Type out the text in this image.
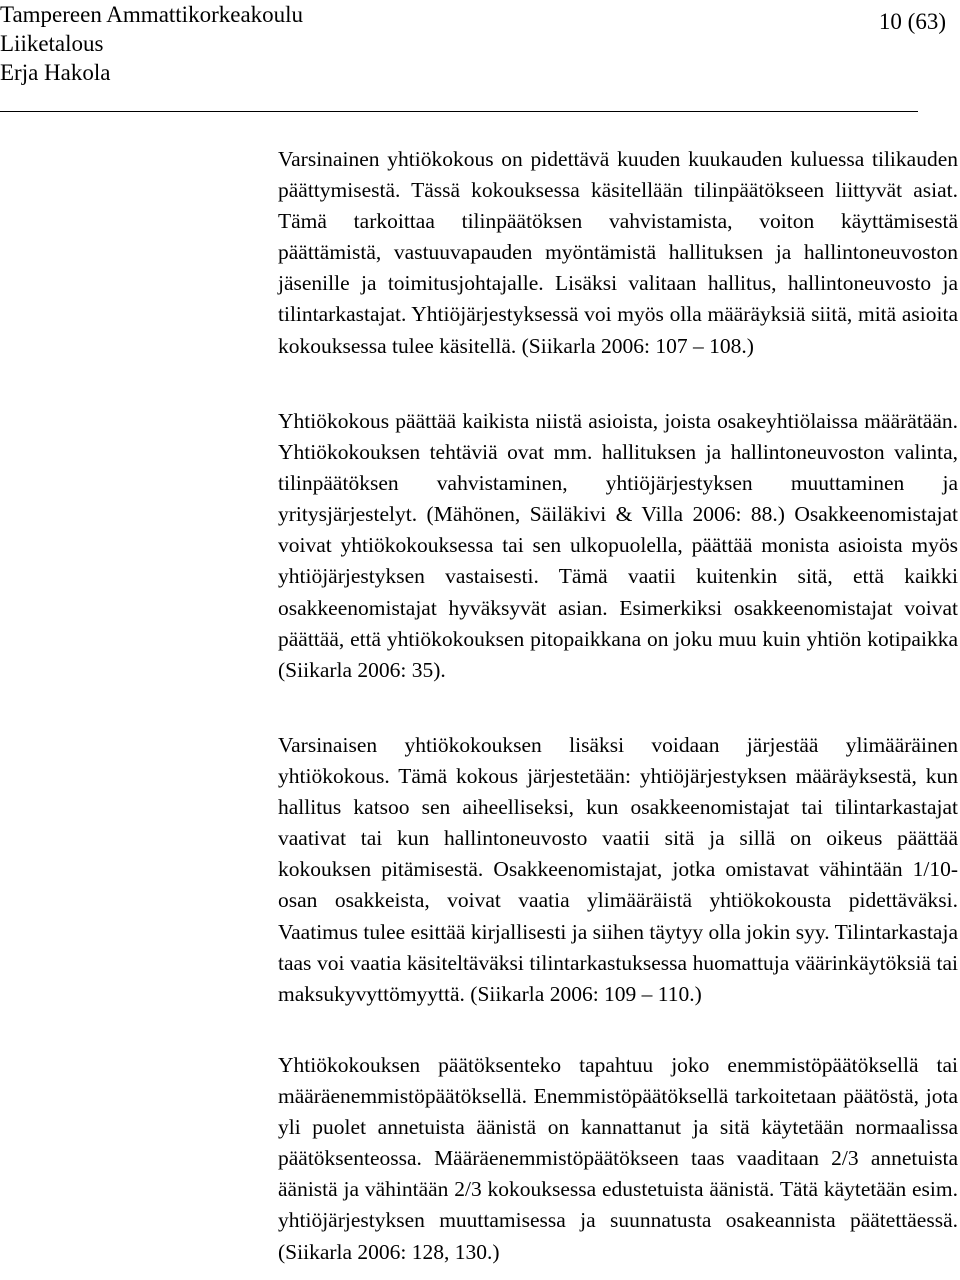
Tampereen Ammattikorkeakoulu
Liiketalous
Erja Hakola
10 (63)

Varsinainen yhtiökokous on pidettävä kuuden kuukauden kuluessa tilikauden päättymisestä. Tässä kokouksessa käsitellään tilinpäätökseen liittyvät asiat. Tämä tarkoittaa tilinpäätöksen vahvistamista, voiton käyttämisestä päättämistä, vastuuvapauden myöntämistä hallituksen ja hallintoneuvoston jäsenille ja toimitusjohtajalle. Lisäksi valitaan hallitus, hallintoneuvosto ja tilintarkastajat. Yhtiöjärjestyksessä voi myös olla määräyksiä siitä, mitä asioita kokouksessa tulee käsitellä. (Siikarla 2006: 107 – 108.)

Yhtiökokous päättää kaikista niistä asioista, joista osakeyhtiölaissa määrätään. Yhtiökokouksen tehtäviä ovat mm. hallituksen ja hallintoneuvoston valinta, tilinpäätöksen vahvistaminen, yhtiöjärjestyksen muuttaminen ja yritysjärjestelyt. (Mähönen, Säiläkivi & Villa 2006: 88.) Osakkeenomistajat voivat yhtiökokouksessa tai sen ulkopuolella, päättää monista asioista myös yhtiöjärjestyksen vastaisesti. Tämä vaatii kuitenkin sitä, että kaikki osakkeenomistajat hyväksyvät asian. Esimerkiksi osakkeenomistajat voivat päättää, että yhtiökokouksen pitopaikkana on joku muu kuin yhtiön kotipaikka (Siikarla 2006: 35).

Varsinaisen yhtiökokouksen lisäksi voidaan järjestää ylimääräinen yhtiökokous. Tämä kokous järjestetään: yhtiöjärjestyksen määräyksestä, kun hallitus katsoo sen aiheelliseksi, kun osakkeenomistajat tai tilintarkastajat vaativat tai kun hallintoneuvosto vaatii sitä ja sillä on oikeus päättää kokouksen pitämisestä. Osakkeenomistajat, jotka omistavat vähintään 1/10-osan osakkeista, voivat vaatia ylimääräistä yhtiökokousta pidettäväksi. Vaatimus tulee esittää kirjallisesti ja siihen täytyy olla jokin syy. Tilintarkastaja taas voi vaatia käsiteltäväksi tilintarkastuksessa huomattuja väärinkäytöksiä tai maksukyvyttömyyttä. (Siikarla 2006: 109 – 110.)

Yhtiökokouksen päätöksenteko tapahtuu joko enemmistöpäätöksellä tai määräenemmistöpäätöksellä. Enemmistöpäätöksellä tarkoitetaan päätöstä, jota yli puolet annetuista äänistä on kannattanut ja sitä käytetään normaalissa päätöksenteossa. Määräenemmistöpäätökseen taas vaaditaan 2/3 annetuista äänistä ja vähintään 2/3 kokouksessa edustetuista äänistä. Tätä käytetään esim. yhtiöjärjestyksen muuttamisessa ja suunnatusta osakeannista päätettäessä. (Siikarla 2006: 128, 130.)
